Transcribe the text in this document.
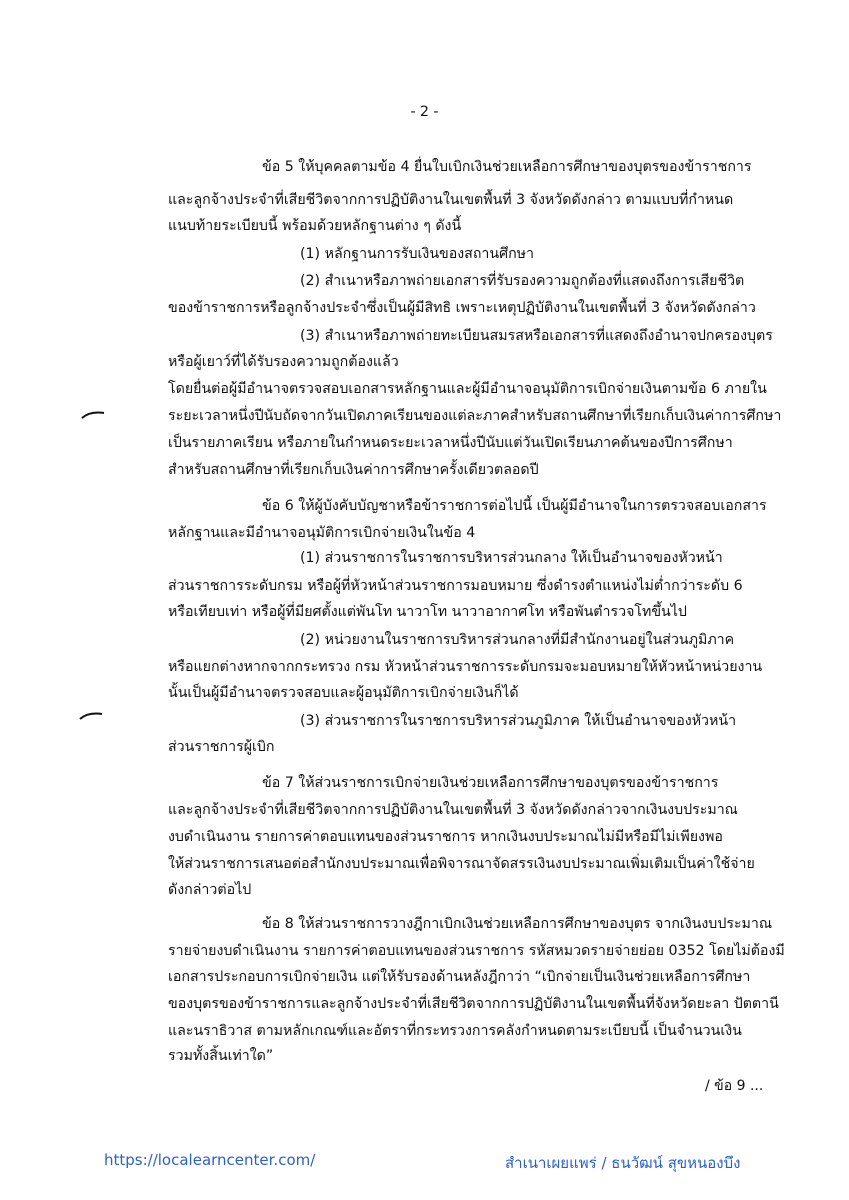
- 2 -
ข้อ 5 ให้บุคคลตามข้อ 4 ยื่นใบเบิกเงินช่วยเหลือการศึกษาของบุตรของข้าราชการ
และลูกจ้างประจำที่เสียชีวิตจากการปฏิบัติงานในเขตพื้นที่ 3 จังหวัดดังกล่าว ตามแบบที่กำหนด
แนบท้ายระเบียบนี้ พร้อมด้วยหลักฐานต่าง ๆ ดังนี้
(1) หลักฐานการรับเงินของสถานศึกษา
(2) สำเนาหรือภาพถ่ายเอกสารที่รับรองความถูกต้องที่แสดงถึงการเสียชีวิต
ของข้าราชการหรือลูกจ้างประจำซึ่งเป็นผู้มีสิทธิ เพราะเหตุปฏิบัติงานในเขตพื้นที่ 3 จังหวัดดังกล่าว
(3) สำเนาหรือภาพถ่ายทะเบียนสมรสหรือเอกสารที่แสดงถึงอำนาจปกครองบุตร
หรือผู้เยาว์ที่ได้รับรองความถูกต้องแล้ว
โดยยื่นต่อผู้มีอำนาจตรวจสอบเอกสารหลักฐานและผู้มีอำนาจอนุมัติการเบิกจ่ายเงินตามข้อ 6 ภายใน
ระยะเวลาหนึ่งปีนับถัดจากวันเปิดภาคเรียนของแต่ละภาคสำหรับสถานศึกษาที่เรียกเก็บเงินค่าการศึกษา
เป็นรายภาคเรียน หรือภายในกำหนดระยะเวลาหนึ่งปีนับแต่วันเปิดเรียนภาคต้นของปีการศึกษา
สำหรับสถานศึกษาที่เรียกเก็บเงินค่าการศึกษาครั้งเดียวตลอดปี
ข้อ 6 ให้ผู้บังคับบัญชาหรือข้าราชการต่อไปนี้ เป็นผู้มีอำนาจในการตรวจสอบเอกสาร
หลักฐานและมีอำนาจอนุมัติการเบิกจ่ายเงินในข้อ 4
(1) ส่วนราชการในราชการบริหารส่วนกลาง ให้เป็นอำนาจของหัวหน้า
ส่วนราชการระดับกรม หรือผู้ที่หัวหน้าส่วนราชการมอบหมาย ซึ่งดำรงตำแหน่งไม่ต่ำกว่าระดับ 6
หรือเทียบเท่า หรือผู้ที่มียศตั้งแต่พันโท นาวาโท นาวาอากาศโท หรือพันตำรวจโทขึ้นไป
(2) หน่วยงานในราชการบริหารส่วนกลางที่มีสำนักงานอยู่ในส่วนภูมิภาค
หรือแยกต่างหากจากกระทรวง กรม หัวหน้าส่วนราชการระดับกรมจะมอบหมายให้หัวหน้าหน่วยงาน
นั้นเป็นผู้มีอำนาจตรวจสอบและผู้อนุมัติการเบิกจ่ายเงินก็ได้
(3) ส่วนราชการในราชการบริหารส่วนภูมิภาค ให้เป็นอำนาจของหัวหน้า
ส่วนราชการผู้เบิก
ข้อ 7 ให้ส่วนราชการเบิกจ่ายเงินช่วยเหลือการศึกษาของบุตรของข้าราชการ
และลูกจ้างประจำที่เสียชีวิตจากการปฏิบัติงานในเขตพื้นที่ 3 จังหวัดดังกล่าวจากเงินงบประมาณ
งบดำเนินงาน รายการค่าตอบแทนของส่วนราชการ หากเงินงบประมาณไม่มีหรือมีไม่เพียงพอ
ให้ส่วนราชการเสนอต่อสำนักงบประมาณเพื่อพิจารณาจัดสรรเงินงบประมาณเพิ่มเติมเป็นค่าใช้จ่าย
ดังกล่าวต่อไป
ข้อ 8 ให้ส่วนราชการวางฎีกาเบิกเงินช่วยเหลือการศึกษาของบุตร จากเงินงบประมาณ
รายจ่ายงบดำเนินงาน รายการค่าตอบแทนของส่วนราชการ รหัสหมวดรายจ่ายย่อย 0352 โดยไม่ต้องมี
เอกสารประกอบการเบิกจ่ายเงิน แต่ให้รับรองด้านหลังฎีกาว่า “เบิกจ่ายเป็นเงินช่วยเหลือการศึกษา
ของบุตรของข้าราชการและลูกจ้างประจำที่เสียชีวิตจากการปฏิบัติงานในเขตพื้นที่จังหวัดยะลา ปัตตานี
และนราธิวาส ตามหลักเกณฑ์และอัตราที่กระทรวงการคลังกำหนดตามระเบียบนี้ เป็นจำนวนเงิน
รวมทั้งสิ้นเท่าใด”
/ ข้อ 9 ...
https://localearncenter.com/	สำเนาเผยแพร่ / ธนวัฒน์ สุขหนองบึง
